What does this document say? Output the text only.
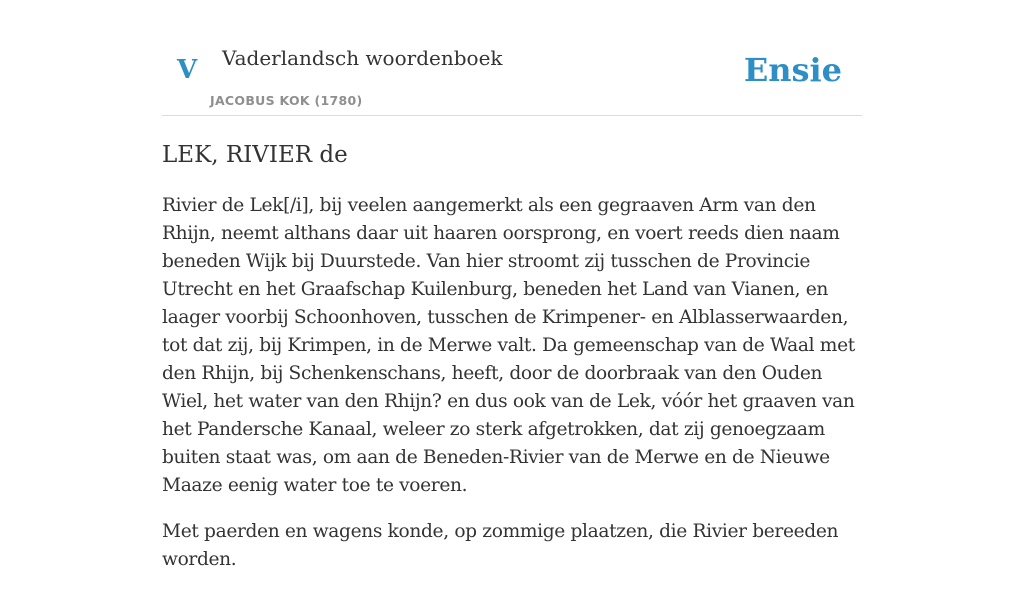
V Vaderlandsch woordenboek
JACOBUS KOK (1780)
Ensie
LEK, RIVIER de

Rivier de Lek[/i], bij veelen aangemerkt als een gegraaven Arm van den Rhijn, neemt althans daar uit haaren oorsprong, en voert reeds dien naam beneden Wijk bij Duurstede. Van hier stroomt zij tusschen de Provincie Utrecht en het Graafschap Kuilenburg, beneden het Land van Vianen, en laager voorbij Schoonhoven, tusschen de Krimpener- en Alblasserwaarden, tot dat zij, bij Krimpen, in de Merwe valt. Da gemeenschap van de Waal met den Rhijn, bij Schenkenschans, heeft, door de doorbraak van den Ouden Wiel, het water van den Rhijn? en dus ook van de Lek, vóór het graaven van het Pandersche Kanaal, weleer zo sterk afgetrokken, dat zij genoegzaam buiten staat was, om aan de Beneden-Rivier van de Merwe en de Nieuwe Maaze eenig water toe te voeren.

Met paerden en wagens konde, op zommige plaatzen, die Rivier bereeden worden.
